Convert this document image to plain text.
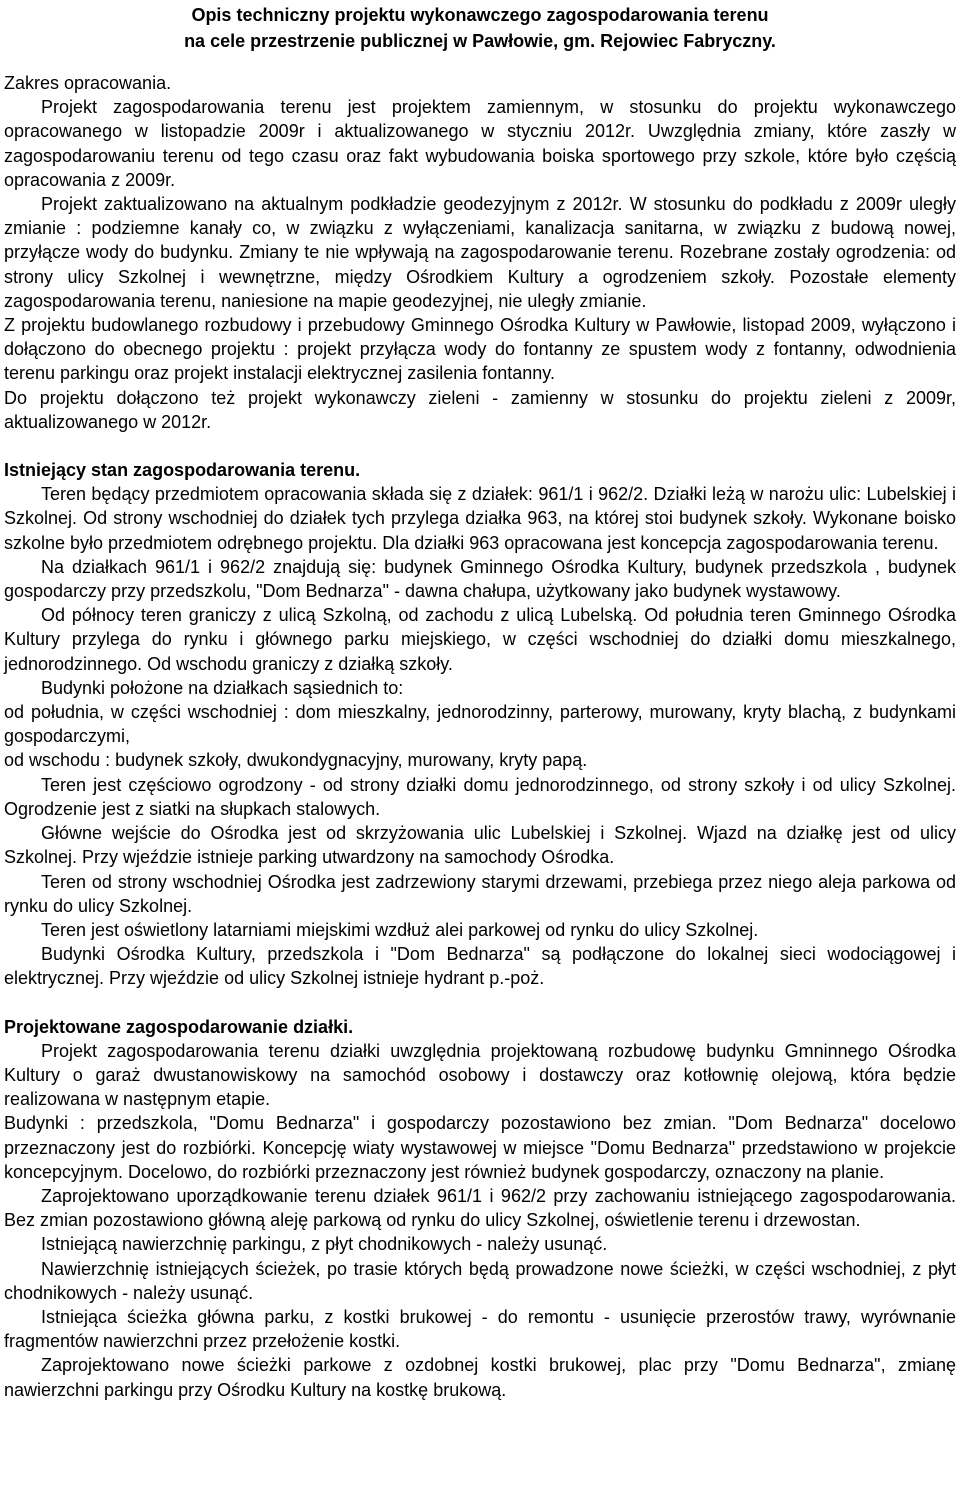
Opis techniczny projektu wykonawczego zagospodarowania terenu
na cele przestrzenie publicznej w Pawłowie, gm. Rejowiec Fabryczny.

Zakres opracowania.

Projekt zagospodarowania terenu jest projektem zamiennym, w stosunku do projektu wykonawczego opracowanego w listopadzie 2009r i aktualizowanego w styczniu 2012r. Uwzględnia zmiany, które zaszły w zagospodarowaniu terenu od tego czasu oraz fakt wybudowania boiska sportowego przy szkole, które było częścią opracowania z 2009r.

Projekt zaktualizowano na aktualnym podkładzie geodezyjnym z 2012r. W stosunku do podkładu z 2009r uległy zmianie : podziemne kanały co, w związku z wyłączeniami, kanalizacja sanitarna, w związku z budową nowej, przyłącze wody do budynku. Zmiany te nie wpływają na zagospodarowanie terenu. Rozebrane zostały ogrodzenia: od strony ulicy Szkolnej i wewnętrzne, między Ośrodkiem Kultury a ogrodzeniem szkoły. Pozostałe elementy zagospodarowania terenu, naniesione na mapie geodezyjnej, nie uległy zmianie.

Z projektu budowlanego rozbudowy i przebudowy Gminnego Ośrodka Kultury w Pawłowie, listopad 2009, wyłączono i dołączono do obecnego projektu : projekt przyłącza wody do fontanny ze spustem wody z fontanny, odwodnienia terenu parkingu oraz projekt instalacji elektrycznej zasilenia fontanny.

Do projektu dołączono też projekt wykonawczy zieleni - zamienny w stosunku do projektu zieleni z 2009r, aktualizowanego w 2012r.

Istniejący stan zagospodarowania terenu.

Teren będący przedmiotem opracowania składa się z działek: 961/1 i 962/2. Działki leżą w narożu ulic: Lubelskiej i Szkolnej. Od strony wschodniej do działek tych przylega działka 963, na której stoi budynek szkoły. Wykonane boisko szkolne było przedmiotem odrębnego projektu. Dla działki 963 opracowana jest koncepcja zagospodarowania terenu.

Na działkach 961/1 i 962/2 znajdują się: budynek Gminnego Ośrodka Kultury, budynek przedszkola , budynek gospodarczy przy przedszkolu, "Dom Bednarza" - dawna chałupa, użytkowany jako budynek wystawowy.

Od północy teren graniczy z ulicą Szkolną, od zachodu z ulicą Lubelską. Od południa teren Gminnego Ośrodka Kultury przylega do rynku i głównego parku miejskiego, w części wschodniej do działki domu mieszkalnego, jednorodzinnego. Od wschodu graniczy z działką szkoły.

Budynki położone na działkach sąsiednich to:

od południa, w części wschodniej : dom mieszkalny, jednorodzinny, parterowy, murowany, kryty blachą, z budynkami gospodarczymi,

od wschodu : budynek szkoły, dwukondygnacyjny, murowany, kryty papą.

Teren jest częściowo ogrodzony - od strony działki domu jednorodzinnego, od strony szkoły i od ulicy Szkolnej. Ogrodzenie jest z siatki na słupkach stalowych.

Główne wejście do Ośrodka jest od skrzyżowania ulic Lubelskiej i Szkolnej. Wjazd na działkę jest od ulicy Szkolnej. Przy wjeździe istnieje parking utwardzony na samochody Ośrodka.

Teren od strony wschodniej Ośrodka jest zadrzewiony starymi drzewami, przebiega przez niego aleja parkowa od rynku do ulicy Szkolnej.

Teren jest oświetlony latarniami miejskimi wzdłuż alei parkowej od rynku do ulicy Szkolnej.

Budynki Ośrodka Kultury, przedszkola i "Dom Bednarza" są podłączone do lokalnej sieci wodociągowej i elektrycznej. Przy wjeździe od ulicy Szkolnej istnieje hydrant p.-poż.

Projektowane zagospodarowanie działki.

Projekt zagospodarowania terenu działki uwzględnia projektowaną rozbudowę budynku Gmninnego Ośrodka Kultury o garaż dwustanowiskowy na samochód osobowy i dostawczy oraz kotłownię olejową, która będzie realizowana w następnym etapie.

Budynki : przedszkola, "Domu Bednarza" i gospodarczy pozostawiono bez zmian. "Dom Bednarza" docelowo przeznaczony jest do rozbiórki. Koncepcję wiaty wystawowej w miejsce "Domu Bednarza" przedstawiono w projekcie koncepcyjnym. Docelowo, do rozbiórki przeznaczony jest również budynek gospodarczy, oznaczony na planie.

Zaprojektowano uporządkowanie terenu działek 961/1 i 962/2 przy zachowaniu istniejącego zagospodarowania. Bez zmian pozostawiono główną aleję parkową od rynku do ulicy Szkolnej, oświetlenie terenu i drzewostan.

Istniejącą nawierzchnię parkingu, z płyt chodnikowych - należy usunąć.

Nawierzchnię istniejących ścieżek, po trasie których będą prowadzone nowe ścieżki, w części wschodniej, z płyt chodnikowych - należy usunąć.

Istniejąca ścieżka główna parku, z kostki brukowej - do remontu - usunięcie przerostów trawy, wyrównanie fragmentów nawierzchni przez przełożenie kostki.

Zaprojektowano nowe ścieżki parkowe z ozdobnej kostki brukowej, plac przy "Domu Bednarza", zmianę nawierzchni parkingu przy Ośrodku Kultury na kostkę brukową.
